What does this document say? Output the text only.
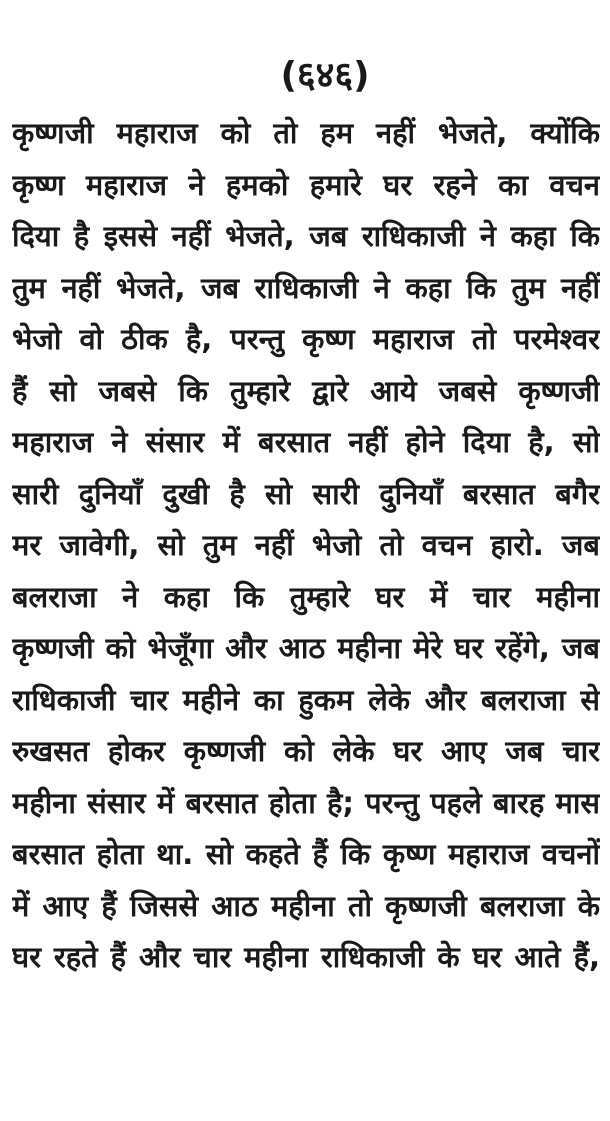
(६४६)
कृष्णजी महाराज को तो हम नहीं भेजते, क्योंकि
कृष्ण महाराज ने हमको हमारे घर रहने का वचन
दिया है इससे नहीं भेजते, जब राधिकाजी ने कहा कि
तुम नहीं भेजते, जब राधिकाजी ने कहा कि तुम नहीं
भेजो वो ठीक है, परन्तु कृष्ण महाराज तो परमेश्वर
हैं सो जबसे कि तुम्हारे द्वारे आये जबसे कृष्णजी
महाराज ने संसार में बरसात नहीं होने दिया है, सो
सारी दुनियाँ दुखी है सो सारी दुनियाँ बरसात बगैर
मर जावेगी, सो तुम नहीं भेजो तो वचन हारो. जब
बलराजा ने कहा कि तुम्हारे घर में चार महीना
कृष्णजी को भेजूँगा और आठ महीना मेरे घर रहेंगे, जब
राधिकाजी चार महीने का हुकम लेके और बलराजा से
रुखसत होकर कृष्णजी को लेके घर आए जब चार
महीना संसार में बरसात होता है; परन्तु पहले बारह मास
बरसात होता था. सो कहते हैं कि कृष्ण महाराज वचनों
में आए हैं जिससे आठ महीना तो कृष्णजी बलराजा के
घर रहते हैं और चार महीना राधिकाजी के घर आते हैं,
